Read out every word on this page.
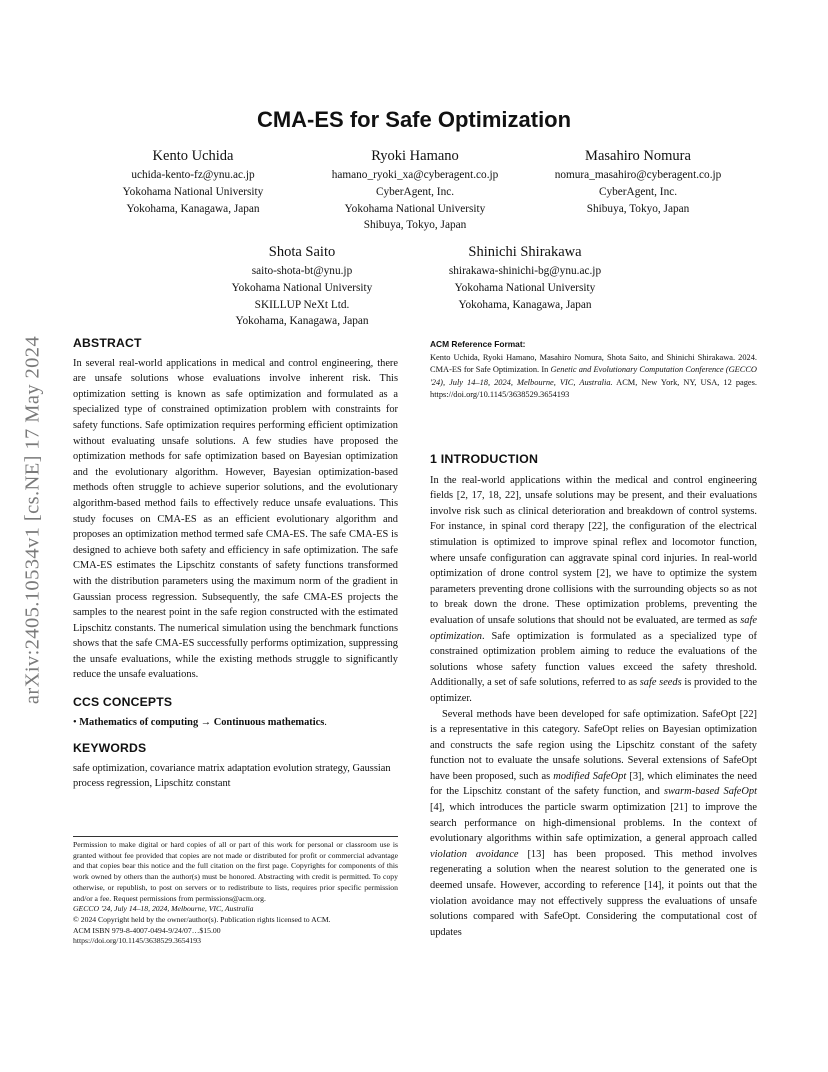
arXiv:2405.10534v1 [cs.NE] 17 May 2024
CMA-ES for Safe Optimization
Kento Uchida
uchida-kento-fz@ynu.ac.jp
Yokohama National University
Yokohama, Kanagawa, Japan
Ryoki Hamano
hamano_ryoki_xa@cyberagent.co.jp
CyberAgent, Inc.
Yokohama National University
Shibuya, Tokyo, Japan
Masahiro Nomura
nomura_masahiro@cyberagent.co.jp
CyberAgent, Inc.
Shibuya, Tokyo, Japan
Shota Saito
saito-shota-bt@ynu.jp
Yokohama National University
SKILLUP NeXt Ltd.
Yokohama, Kanagawa, Japan
Shinichi Shirakawa
shirakawa-shinichi-bg@ynu.ac.jp
Yokohama National University
Yokohama, Kanagawa, Japan
ABSTRACT

In several real-world applications in medical and control engineering, there are unsafe solutions whose evaluations involve inherent risk. This optimization setting is known as safe optimization and formulated as a specialized type of constrained optimization problem with constraints for safety functions. Safe optimization requires performing efficient optimization without evaluating unsafe solutions. A few studies have proposed the optimization methods for safe optimization based on Bayesian optimization and the evolutionary algorithm. However, Bayesian optimization-based methods often struggle to achieve superior solutions, and the evolutionary algorithm-based method fails to effectively reduce unsafe evaluations. This study focuses on CMA-ES as an efficient evolutionary algorithm and proposes an optimization method termed safe CMA-ES. The safe CMA-ES is designed to achieve both safety and efficiency in safe optimization. The safe CMA-ES estimates the Lipschitz constants of safety functions transformed with the distribution parameters using the maximum norm of the gradient in Gaussian process regression. Subsequently, the safe CMA-ES projects the samples to the nearest point in the safe region constructed with the estimated Lipschitz constants. The numerical simulation using the benchmark functions shows that the safe CMA-ES successfully performs optimization, suppressing the unsafe evaluations, while the existing methods struggle to significantly reduce the unsafe evaluations.

CCS CONCEPTS

• Mathematics of computing → Continuous mathematics.

KEYWORDS

safe optimization, covariance matrix adaptation evolution strategy, Gaussian process regression, Lipschitz constant

Permission to make digital or hard copies of all or part of this work for personal or classroom use is granted without fee provided that copies are not made or distributed for profit or commercial advantage and that copies bear this notice and the full citation on the first page. Copyrights for components of this work owned by others than the author(s) must be honored. Abstracting with credit is permitted. To copy otherwise, or republish, to post on servers or to redistribute to lists, requires prior specific permission and/or a fee. Request permissions from permissions@acm.org.

GECCO '24, July 14–18, 2024, Melbourne, VIC, Australia

© 2024 Copyright held by the owner/author(s). Publication rights licensed to ACM.

ACM ISBN 979-8-4007-0494-9/24/07…$15.00

https://doi.org/10.1145/3638529.3654193

ACM Reference Format:
Kento Uchida, Ryoki Hamano, Masahiro Nomura, Shota Saito, and Shinichi Shirakawa. 2024. CMA-ES for Safe Optimization. In Genetic and Evolutionary Computation Conference (GECCO '24), July 14–18, 2024, Melbourne, VIC, Australia. ACM, New York, NY, USA, 12 pages. https://doi.org/10.1145/3638529.3654193
1 INTRODUCTION

In the real-world applications within the medical and control engineering fields [2, 17, 18, 22], unsafe solutions may be present, and their evaluations involve risk such as clinical deterioration and breakdown of control systems. For instance, in spinal cord therapy [22], the configuration of the electrical stimulation is optimized to improve spinal reflex and locomotor function, where unsafe configuration can aggravate spinal cord injuries. In real-world optimization of drone control system [2], we have to optimize the system parameters preventing drone collisions with the surrounding objects so as not to break down the drone. These optimization problems, preventing the evaluation of unsafe solutions that should not be evaluated, are termed as safe optimization. Safe optimization is formulated as a specialized type of constrained optimization problem aiming to reduce the evaluations of the solutions whose safety function values exceed the safety threshold. Additionally, a set of safe solutions, referred to as safe seeds is provided to the optimizer.

Several methods have been developed for safe optimization. SafeOpt [22] is a representative in this category. SafeOpt relies on Bayesian optimization and constructs the safe region using the Lipschitz constant of the safety function not to evaluate the unsafe solutions. Several extensions of SafeOpt have been proposed, such as modified SafeOpt [3], which eliminates the need for the Lipschitz constant of the safety function, and swarm-based SafeOpt [4], which introduces the particle swarm optimization [21] to improve the search performance on high-dimensional problems. In the context of evolutionary algorithms within safe optimization, a general approach called violation avoidance [13] has been proposed. This method involves regenerating a solution when the nearest solution to the generated one is deemed unsafe. However, according to reference [14], it points out that the violation avoidance may not effectively suppress the evaluations of unsafe solutions compared with SafeOpt. Considering the computational cost of updates
